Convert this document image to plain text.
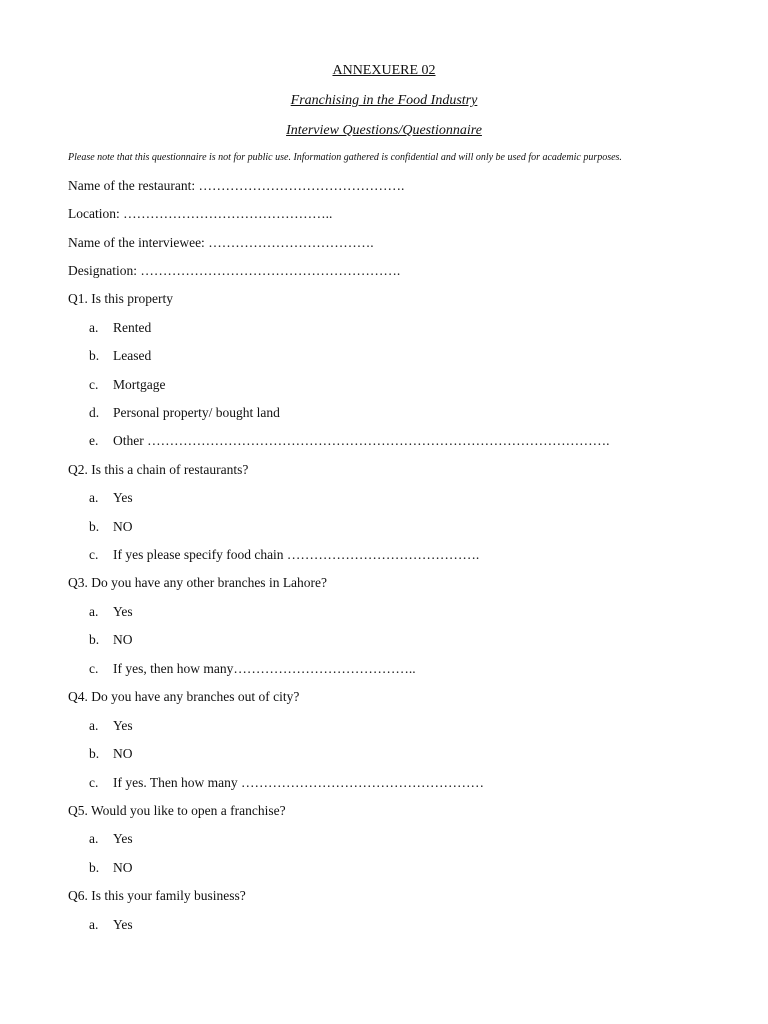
ANNEXUERE 02
Franchising in the Food Industry
Interview Questions/Questionnaire
Please note that this questionnaire is not for public use. Information gathered is confidential and will only be used for academic purposes.
Name of the restaurant: ……………………………………….
Location: ………………………………………..
Name of the interviewee: ……………………………….
Designation: ………………………………………………….
Q1. Is this property
a. Rented
b. Leased
c. Mortgage
d. Personal property/ bought land
e. Other ………………………………………………………………………………………….
Q2. Is this a chain of restaurants?
a. Yes
b. NO
c. If yes please specify food chain …………………………………….
Q3. Do you have any other branches in Lahore?
a. Yes
b. NO
c. If yes, then how many…………………………………..
Q4. Do you have any branches out of city?
a. Yes
b. NO
c. If yes. Then how many ………………………………………………
Q5. Would you like to open a franchise?
a. Yes
b. NO
Q6. Is this your family business?
a. Yes
